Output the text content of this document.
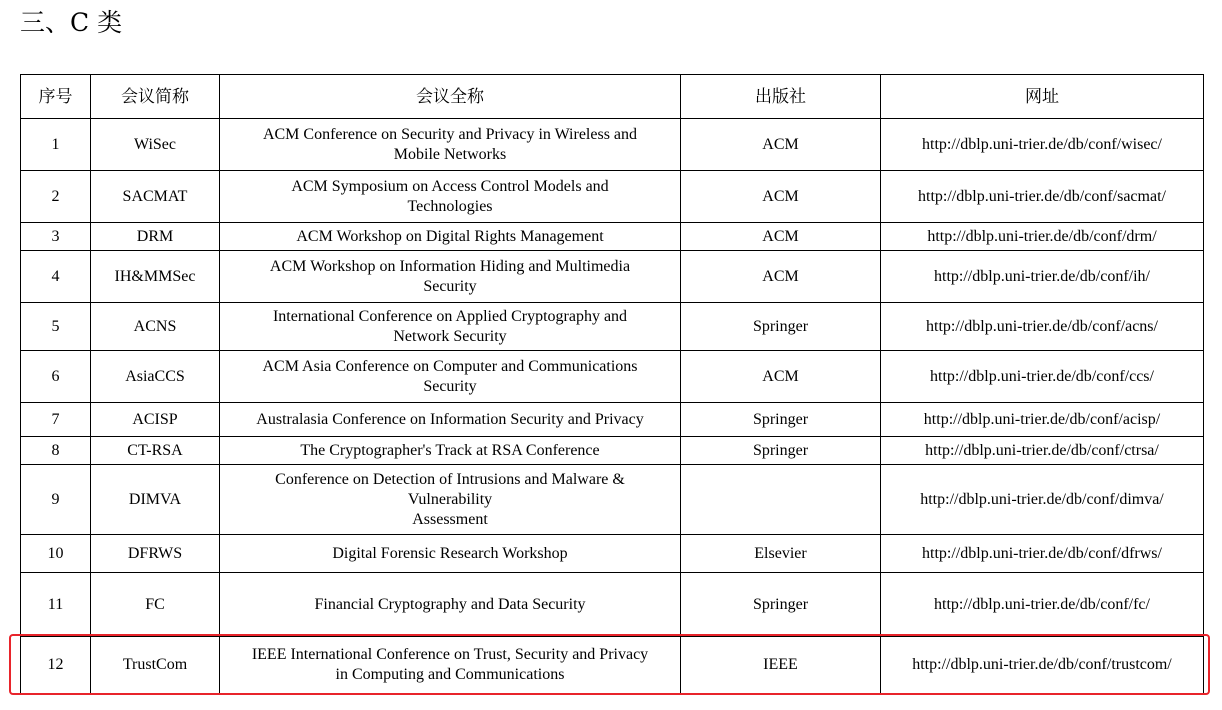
三、C 类
序号	会议简称	会议全称	出版社	网址
1	WiSec	ACM Conference on Security and Privacy in Wireless and
Mobile Networks	ACM	http://dblp.uni-trier.de/db/conf/wisec/
2	SACMAT	ACM Symposium on Access Control Models and
Technologies	ACM	http://dblp.uni-trier.de/db/conf/sacmat/
3	DRM	ACM Workshop on Digital Rights Management	ACM	http://dblp.uni-trier.de/db/conf/drm/
4	IH&MMSec	ACM Workshop on Information Hiding and Multimedia
Security	ACM	http://dblp.uni-trier.de/db/conf/ih/
5	ACNS	International Conference on Applied Cryptography and
Network Security	Springer	http://dblp.uni-trier.de/db/conf/acns/
6	AsiaCCS	ACM Asia Conference on Computer and Communications
Security	ACM	http://dblp.uni-trier.de/db/conf/ccs/
7	ACISP	Australasia Conference on Information Security and Privacy	Springer	http://dblp.uni-trier.de/db/conf/acisp/
8	CT-RSA	The Cryptographer's Track at RSA Conference	Springer	http://dblp.uni-trier.de/db/conf/ctrsa/
9	DIMVA	Conference on Detection of Intrusions and Malware &
Vulnerability
Assessment		http://dblp.uni-trier.de/db/conf/dimva/
10	DFRWS	Digital Forensic Research Workshop	Elsevier	http://dblp.uni-trier.de/db/conf/dfrws/
11	FC	Financial Cryptography and Data Security	Springer	http://dblp.uni-trier.de/db/conf/fc/
12	TrustCom	IEEE International Conference on Trust, Security and Privacy
in Computing and Communications	IEEE	http://dblp.uni-trier.de/db/conf/trustcom/
